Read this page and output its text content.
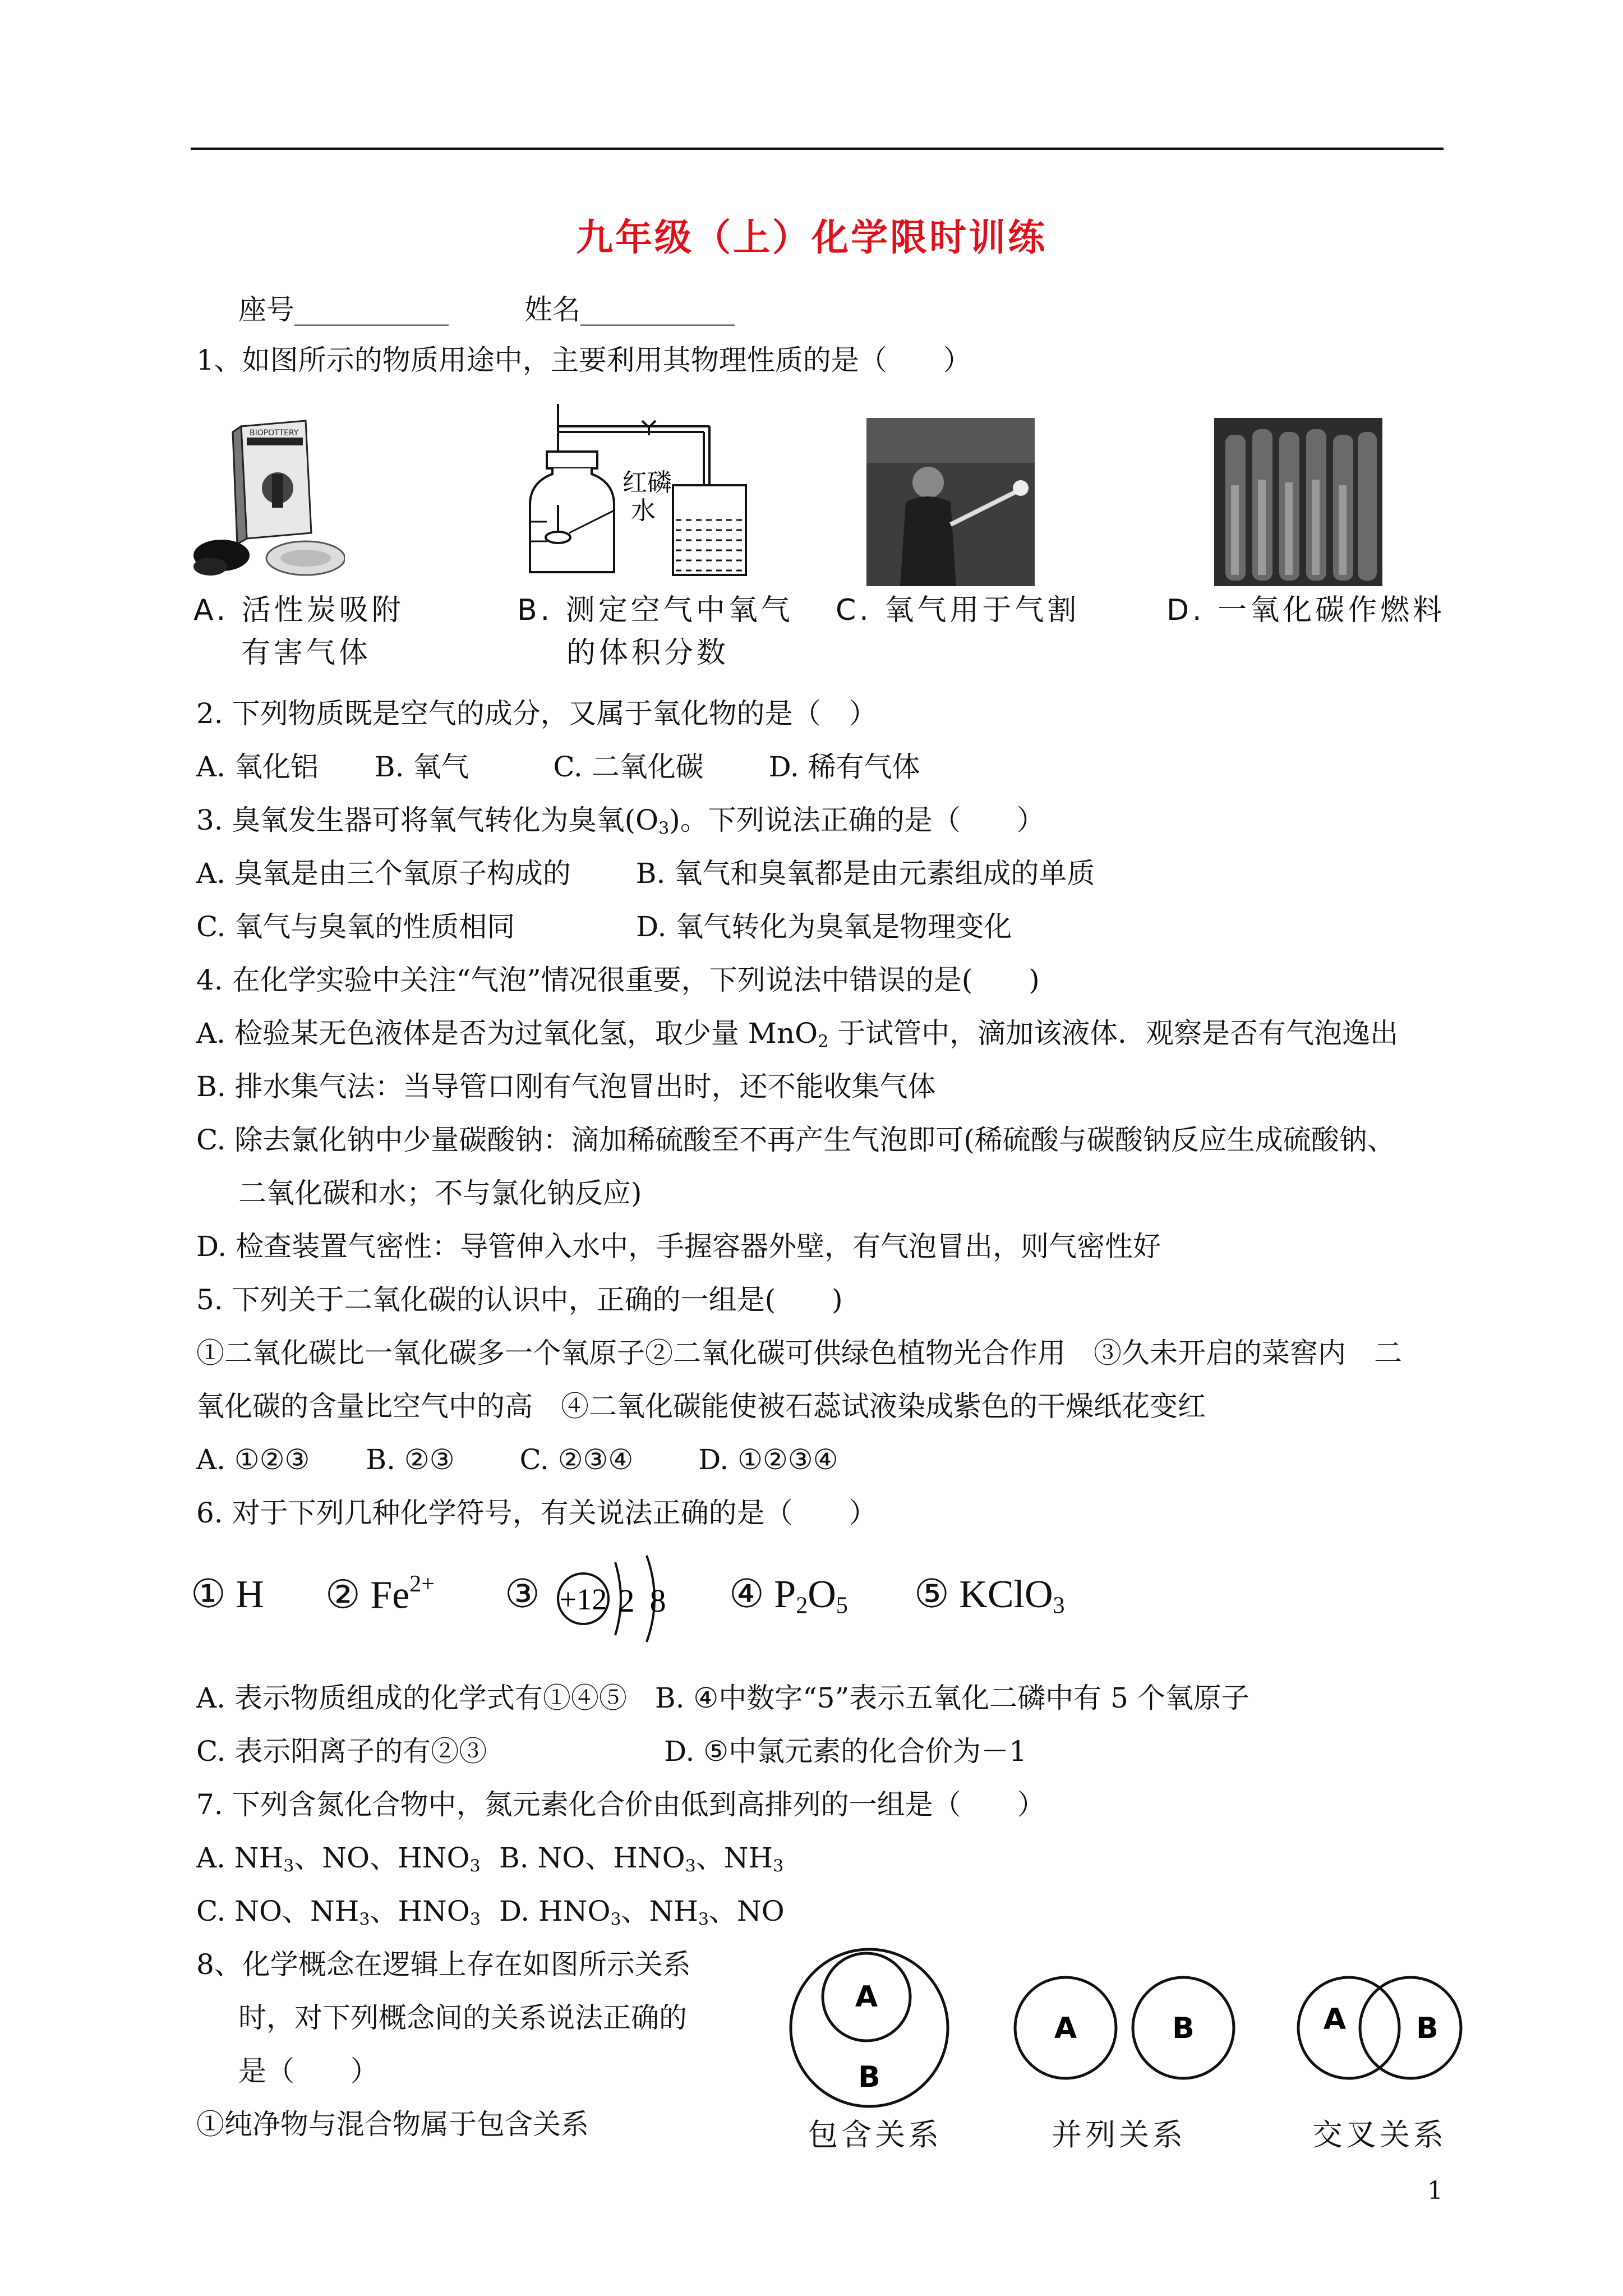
九年级（上）化学限时训练
座号___________	姓名___________
1、如图所示的物质用途中，主要利用其物理性质的是（　　）
BIOPOTTERY
红磷
水
A. 活性炭吸附
有害气体
B. 测定空气中氧气
的体积分数
C. 氧气用于气割	D. 一氧化碳作燃料
2. 下列物质既是空气的成分，又属于氧化物的是（　）
A. 氧化铝　　B. 氧气　　　C. 二氧化碳　　 D. 稀有气体
3. 臭氧发生器可将氧气转化为臭氧$(O_3)$。下列说法正确的是（　　）
A. 臭氧是由三个氧原子构成的　　 B. 氧气和臭氧都是由元素组成的单质
C. 氧气与臭氧的性质相同　　　　 D. 氧气转化为臭氧是物理变化
4. 在化学实验中关注“气泡”情况很重要，下列说法中错误的是(　　)
A. 检验某无色液体是否为过氧化氢，取少量 MnO$_2$ 于试管中，滴加该液体．观察是否有气泡逸出
B. 排水集气法：当导管口刚有气泡冒出时，还不能收集气体
C. 除去氯化钠中少量碳酸钠：滴加稀硫酸至不再产生气泡即可(稀硫酸与碳酸钠反应生成硫酸钠、
二氧化碳和水；不与氯化钠反应)
D. 检查装置气密性：导管伸入水中，手握容器外壁，有气泡冒出，则气密性好
5. 下列关于二氧化碳的认识中，正确的一组是(　　)
①二氧化碳比一氧化碳多一个氧原子②二氧化碳可供绿色植物光合作用　③久未开启的菜窖内　二
氧化碳的含量比空气中的高　④二氧化碳能使被石蕊试液染成紫色的干燥纸花变红
A. ①②③　　B. ②③　　 C. ②③④　　 D. ①②③④
6. 对于下列几种化学符号，有关说法正确的是（　　）
① H ② $Fe^{2+}$ ③ +12 2 8 ④ $P_2O_5$ ⑤ KClO$_3$
A. 表示物质组成的化学式有①④⑤　B. ④中数字“5”表示五氧化二磷中有 5 个氧原子
C. 表示阳离子的有②③　　　　　　 D. ⑤中氯元素的化合价为－1
7. 下列含氮化合物中，氮元素化合价由低到高排列的一组是（　　）
A. $NH_3$、NO、$HNO_3$ B. NO、$HNO_3$、$NH_3$
C. NO、$NH_3$、$HNO_3$ D. $HNO_3$、$NH_3$、NO
8、化学概念在逻辑上存在如图所示关系
时，对下列概念间的关系说法正确的
是（　　）
①纯净物与混合物属于包含关系
A
B
包含关系
A	B
并列关系
A B
交叉关系
1
